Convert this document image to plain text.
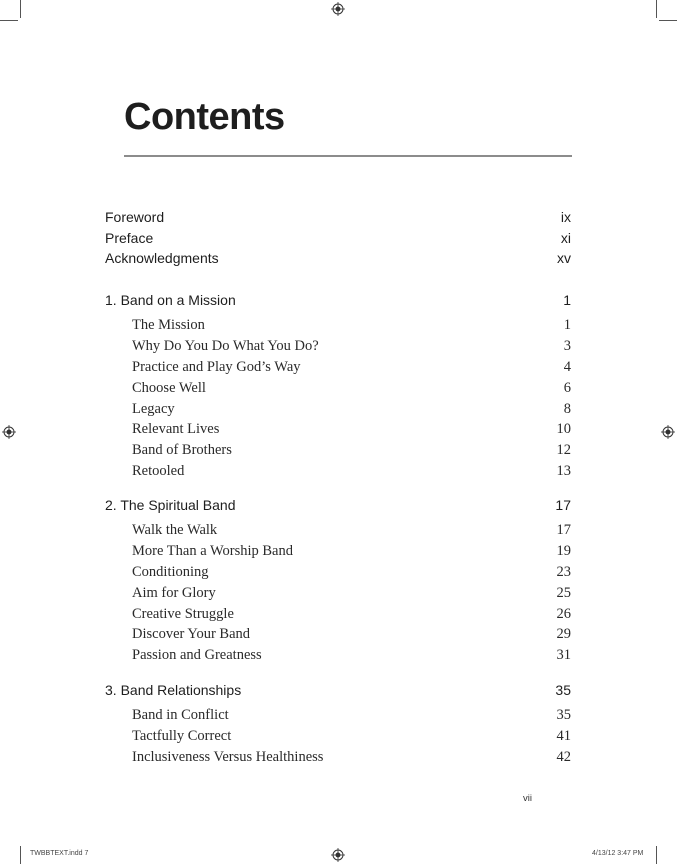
Contents
Foreword	ix
Preface	xi
Acknowledgments	xv
1. Band on a Mission	1
The Mission	1
Why Do You Do What You Do?	3
Practice and Play God’s Way	4
Choose Well	6
Legacy	8
Relevant Lives	10
Band of Brothers	12
Retooled	13
2. The Spiritual Band	17
Walk the Walk	17
More Than a Worship Band	19
Conditioning	23
Aim for Glory	25
Creative Struggle	26
Discover Your Band	29
Passion and Greatness	31
3. Band Relationships	35
Band in Conflict	35
Tactfully Correct	41
Inclusiveness Versus Healthiness	42
vii
TWBBTEXT.indd 7	4/13/12 3:47 PM
